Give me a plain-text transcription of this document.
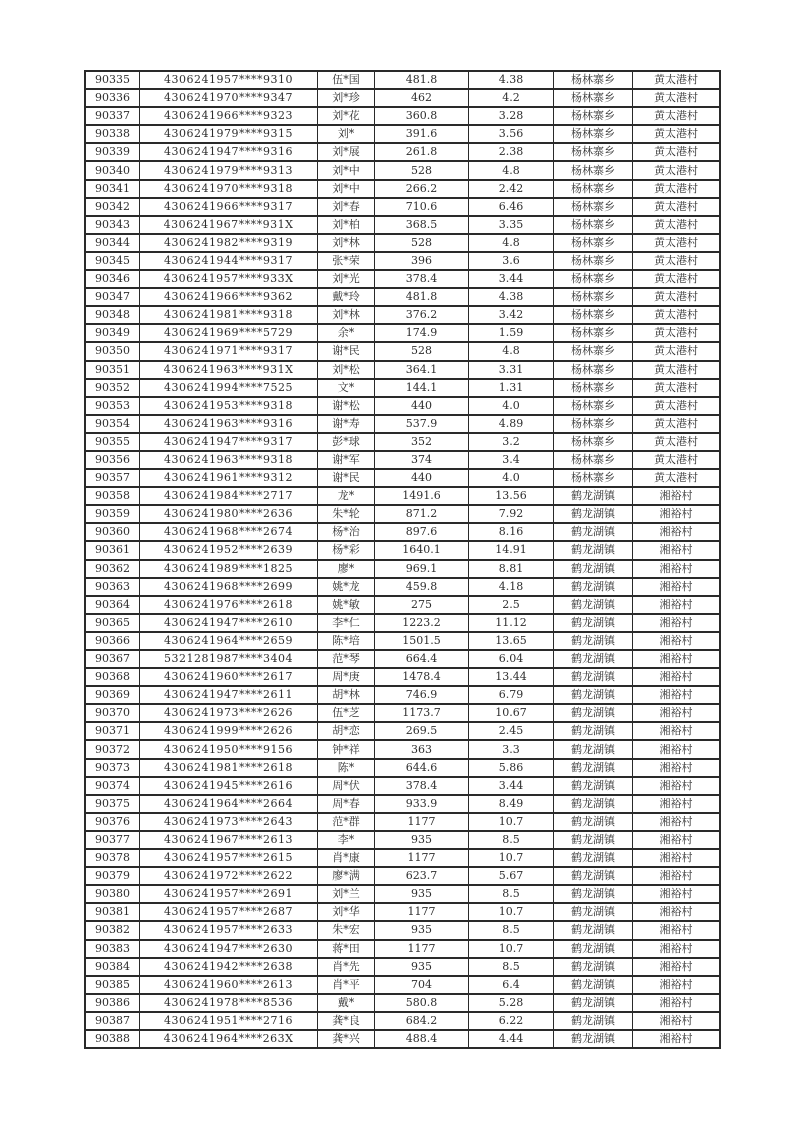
90335	4306241957****9310	伍*国	481.8	4.38	杨林寨乡	黄太港村
90336	4306241970****9347	刘*珍	462	4.2	杨林寨乡	黄太港村
90337	4306241966****9323	刘*花	360.8	3.28	杨林寨乡	黄太港村
90338	4306241979****9315	刘*	391.6	3.56	杨林寨乡	黄太港村
90339	4306241947****9316	刘*展	261.8	2.38	杨林寨乡	黄太港村
90340	4306241979****9313	刘*中	528	4.8	杨林寨乡	黄太港村
90341	4306241970****9318	刘*中	266.2	2.42	杨林寨乡	黄太港村
90342	4306241966****9317	刘*春	710.6	6.46	杨林寨乡	黄太港村
90343	4306241967****931X	刘*柏	368.5	3.35	杨林寨乡	黄太港村
90344	4306241982****9319	刘*林	528	4.8	杨林寨乡	黄太港村
90345	4306241944****9317	张*荣	396	3.6	杨林寨乡	黄太港村
90346	4306241957****933X	刘*光	378.4	3.44	杨林寨乡	黄太港村
90347	4306241966****9362	戴*玲	481.8	4.38	杨林寨乡	黄太港村
90348	4306241981****9318	刘*林	376.2	3.42	杨林寨乡	黄太港村
90349	4306241969****5729	余*	174.9	1.59	杨林寨乡	黄太港村
90350	4306241971****9317	谢*民	528	4.8	杨林寨乡	黄太港村
90351	4306241963****931X	刘*松	364.1	3.31	杨林寨乡	黄太港村
90352	4306241994****7525	文*	144.1	1.31	杨林寨乡	黄太港村
90353	4306241953****9318	谢*松	440	4.0	杨林寨乡	黄太港村
90354	4306241963****9316	谢*寿	537.9	4.89	杨林寨乡	黄太港村
90355	4306241947****9317	彭*球	352	3.2	杨林寨乡	黄太港村
90356	4306241963****9318	谢*军	374	3.4	杨林寨乡	黄太港村
90357	4306241961****9312	谢*民	440	4.0	杨林寨乡	黄太港村
90358	4306241984****2717	龙*	1491.6	13.56	鹤龙湖镇	湘裕村
90359	4306241980****2636	朱*轮	871.2	7.92	鹤龙湖镇	湘裕村
90360	4306241968****2674	杨*治	897.6	8.16	鹤龙湖镇	湘裕村
90361	4306241952****2639	杨*彩	1640.1	14.91	鹤龙湖镇	湘裕村
90362	4306241989****1825	廖*	969.1	8.81	鹤龙湖镇	湘裕村
90363	4306241968****2699	姚*龙	459.8	4.18	鹤龙湖镇	湘裕村
90364	4306241976****2618	姚*敏	275	2.5	鹤龙湖镇	湘裕村
90365	4306241947****2610	李*仁	1223.2	11.12	鹤龙湖镇	湘裕村
90366	4306241964****2659	陈*培	1501.5	13.65	鹤龙湖镇	湘裕村
90367	5321281987****3404	范*琴	664.4	6.04	鹤龙湖镇	湘裕村
90368	4306241960****2617	周*庚	1478.4	13.44	鹤龙湖镇	湘裕村
90369	4306241947****2611	胡*林	746.9	6.79	鹤龙湖镇	湘裕村
90370	4306241973****2626	伍*芝	1173.7	10.67	鹤龙湖镇	湘裕村
90371	4306241999****2626	胡*恋	269.5	2.45	鹤龙湖镇	湘裕村
90372	4306241950****9156	钟*祥	363	3.3	鹤龙湖镇	湘裕村
90373	4306241981****2618	陈*	644.6	5.86	鹤龙湖镇	湘裕村
90374	4306241945****2616	周*伏	378.4	3.44	鹤龙湖镇	湘裕村
90375	4306241964****2664	周*春	933.9	8.49	鹤龙湖镇	湘裕村
90376	4306241973****2643	范*群	1177	10.7	鹤龙湖镇	湘裕村
90377	4306241967****2613	李*	935	8.5	鹤龙湖镇	湘裕村
90378	4306241957****2615	肖*康	1177	10.7	鹤龙湖镇	湘裕村
90379	4306241972****2622	廖*满	623.7	5.67	鹤龙湖镇	湘裕村
90380	4306241957****2691	刘*兰	935	8.5	鹤龙湖镇	湘裕村
90381	4306241957****2687	刘*华	1177	10.7	鹤龙湖镇	湘裕村
90382	4306241957****2633	朱*宏	935	8.5	鹤龙湖镇	湘裕村
90383	4306241947****2630	蒋*田	1177	10.7	鹤龙湖镇	湘裕村
90384	4306241942****2638	肖*先	935	8.5	鹤龙湖镇	湘裕村
90385	4306241960****2613	肖*平	704	6.4	鹤龙湖镇	湘裕村
90386	4306241978****8536	戴*	580.8	5.28	鹤龙湖镇	湘裕村
90387	4306241951****2716	龚*良	684.2	6.22	鹤龙湖镇	湘裕村
90388	4306241964****263X	龚*兴	488.4	4.44	鹤龙湖镇	湘裕村
